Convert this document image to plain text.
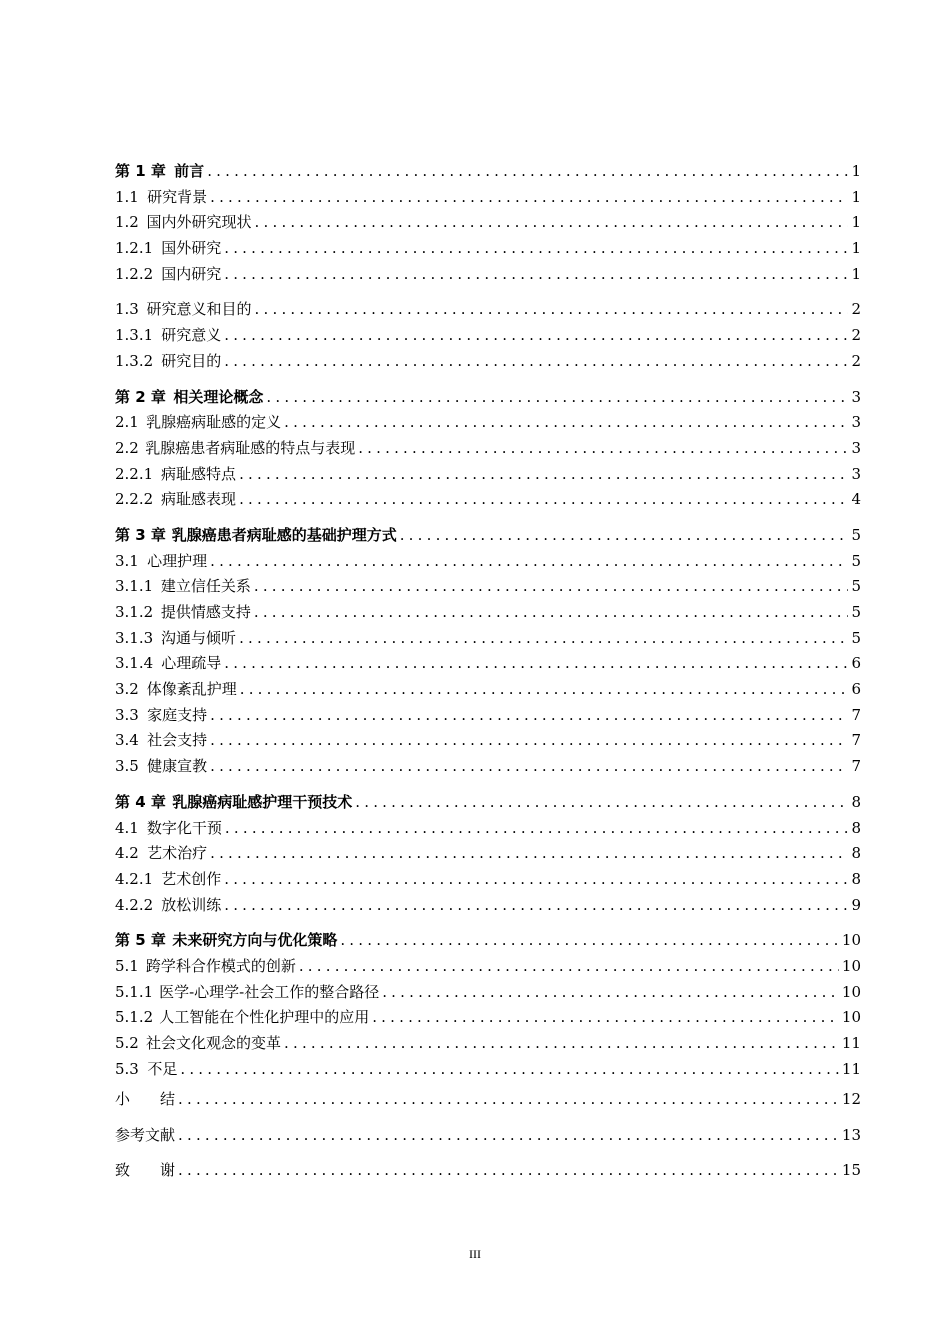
第 1 章 前言 .....	1
1.1 研究背景 .....	1
1.2 国内外研究现状 .....	1
1.2.1 国外研究 .....	1
1.2.2 国内研究 .....	1
1.3 研究意义和目的 .....	2
1.3.1 研究意义 .....	2
1.3.2 研究目的 .....	2
第 2 章 相关理论概念 .....	3
2.1 乳腺癌病耻感的定义 .....	3
2.2 乳腺癌患者病耻感的特点与表现 .....	3
2.2.1 病耻感特点 .....	3
2.2.2 病耻感表现 .....	4
第 3 章 乳腺癌患者病耻感的基础护理方式 .....	5
3.1 心理护理 .....	5
3.1.1 建立信任关系 .....	5
3.1.2 提供情感支持 .....	5
3.1.3 沟通与倾听 .....	5
3.1.4 心理疏导 .....	6
3.2 体像紊乱护理 .....	6
3.3 家庭支持 .....	7
3.4 社会支持 .....	7
3.5 健康宣教 .....	7
第 4 章 乳腺癌病耻感护理干预技术 .....	8
4.1 数字化干预 .....	8
4.2 艺术治疗 .....	8
4.2.1 艺术创作 .....	8
4.2.2 放松训练 .....	9
第 5 章 未来研究方向与优化策略 .....	10
5.1 跨学科合作模式的创新 .....	10
5.1.1 医学-心理学-社会工作的整合路径 .....	10
5.1.2 人工智能在个性化护理中的应用 .....	10
5.2 社会文化观念的变革 .....	11
5.3 不足 .....	11
小　　结 .....	12
参考文献 .....	13
致　　谢 .....	15
III
